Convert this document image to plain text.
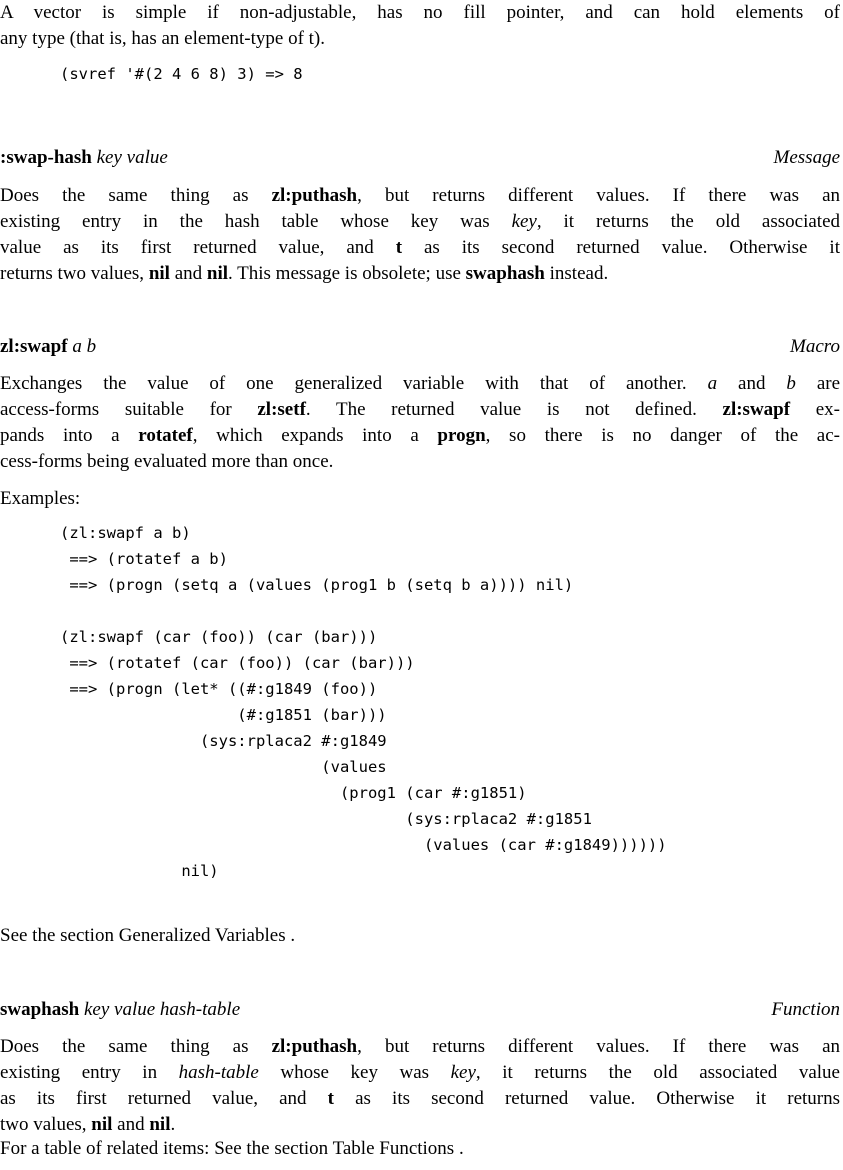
A vector is simple if non-adjustable, has no fill pointer, and can hold elements of
any type (that is, has an element-type of t).

(svref '#(2 4 6 8) 3) => 8
:swap-hash key value	Message

Does the same thing as zl:puthash, but returns different values. If there was an
existing entry in the hash table whose key was key, it returns the old associated
value as its first returned value, and t as its second returned value. Otherwise it
returns two values, nil and nil. This message is obsolete; use swaphash instead.

zl:swapf a b	Macro

Exchanges the value of one generalized variable with that of another. a and b are
access-forms suitable for zl:setf. The returned value is not defined. zl:swapf ex-
pands into a rotatef, which expands into a progn, so there is no danger of the ac-
cess-forms being evaluated more than once.

Examples:

(zl:swapf a b)
==> (rotatef a b)
==> (progn (setq a (values (prog1 b (setq b a)))) nil)

(zl:swapf (car (foo)) (car (bar)))
==> (rotatef (car (foo)) (car (bar)))
==> (progn (let* ((#:g1849 (foo))
(#:g1851 (bar)))
(sys:rplaca2 #:g1849
(values
(prog1 (car #:g1851)
(sys:rplaca2 #:g1851
(values (car #:g1849))))))
nil)

See the section Generalized Variables .

swaphash key value hash-table	Function

Does the same thing as zl:puthash, but returns different values. If there was an
existing entry in hash-table whose key was key, it returns the old associated value
as its first returned value, and t as its second returned value. Otherwise it returns
two values, nil and nil.

For a table of related items: See the section Table Functions .
